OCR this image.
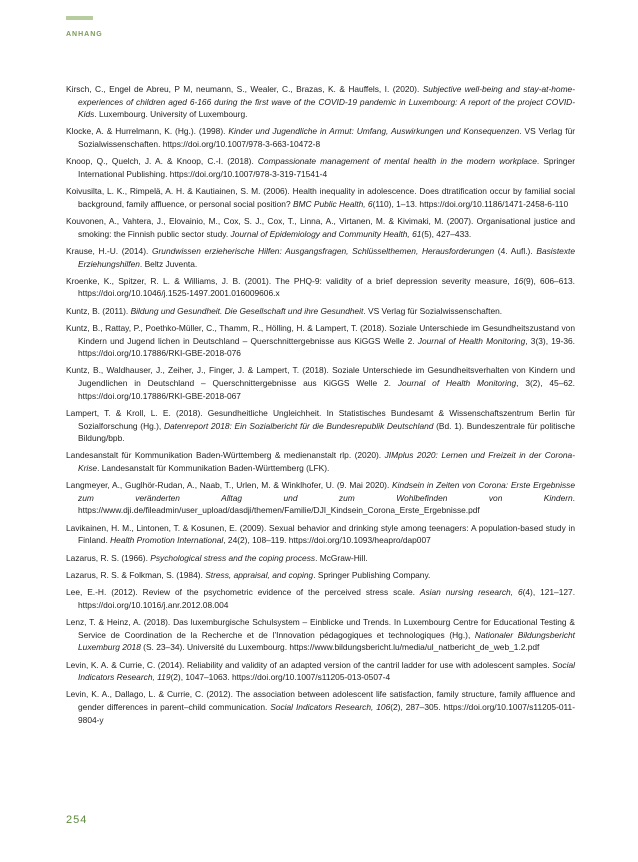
ANHANG

Kirsch, C., Engel de Abreu, P M, neumann, S., Wealer, C., Brazas, K. & Hauffels, I. (2020). Subjective well-being and stay-at-home-experiences of children aged 6-166 during the first wave of the COVID-19 pandemic in Luxembourg: A report of the project COVID-Kids. Luxembourg. University of Luxembourg.

Klocke, A. & Hurrelmann, K. (Hg.). (1998). Kinder und Jugendliche in Armut: Umfang, Auswirkungen und Konsequenzen. VS Verlag für Sozialwissenschaften. https://doi.org/10.1007/978-3-663-10472-8

Knoop, Q., Quelch, J. A. & Knoop, C.-I. (2018). Compassionate management of mental health in the modern workplace. Springer International Publishing. https://doi.org/10.1007/978-3-319-71541-4

Koivusilta, L. K., Rimpelä, A. H. & Kautiainen, S. M. (2006). Health inequality in adolescence. Does dtratification occur by familial social background, family affluence, or personal social position? BMC Public Health, 6(110), 1–13. https://doi.org/10.1186/1471-2458-6-110

Kouvonen, A., Vahtera, J., Elovainio, M., Cox, S. J., Cox, T., Linna, A., Virtanen, M. & Kivimaki, M. (2007). Organisational justice and smoking: the Finnish public sector study. Journal of Epidemiology and Community Health, 61(5), 427–433.

Krause, H.-U. (2014). Grundwissen erzieherische Hilfen: Ausgangsfragen, Schlüsselthemen, Herausforderungen (4. Aufl.). Basistexte Erziehungshilfen. Beltz Juventa.

Kroenke, K., Spitzer, R. L. & Williams, J. B. (2001). The PHQ-9: validity of a brief depression severity measure, 16(9), 606–613. https://doi.org/10.1046/j.1525-1497.2001.016009606.x

Kuntz, B. (2011). Bildung und Gesundheit. Die Gesellschaft und ihre Gesundheit. VS Verlag für Sozialwissenschaften.

Kuntz, B., Rattay, P., Poethko-Müller, C., Thamm, R., Hölling, H. & Lampert, T. (2018). Soziale Unterschiede im Gesundheitszustand von Kindern und Jugend lichen in Deutschland – Querschnittergebnisse aus KiGGS Welle 2. Journal of Health Monitoring, 3(3), 19-36. https://doi.org/10.17886/RKI-GBE-2018-076

Kuntz, B., Waldhauser, J., Zeiher, J., Finger, J. & Lampert, T. (2018). Soziale Unterschiede im Gesundheitsverhalten von Kindern und Jugendlichen in Deutschland – Querschnittergebnisse aus KiGGS Welle 2. Journal of Health Monitoring, 3(2), 45–62. https://doi.org/10.17886/RKI-GBE-2018-067

Lampert, T. & Kroll, L. E. (2018). Gesundheitliche Ungleichheit. In Statistisches Bundesamt & Wissenschaftszentrum Berlin für Sozialforschung (Hg.), Datenreport 2018: Ein Sozialbericht für die Bundesrepublik Deutschland (Bd. 1). Bundeszentrale für politische Bildung/bpb.

Landesanstalt für Kommunikation Baden-Württemberg & medienanstalt rlp. (2020). JIMplus 2020: Lernen und Freizeit in der Corona-Krise. Landesanstalt für Kommunikation Baden-Württemberg (LFK).

Langmeyer, A., Guglhör-Rudan, A., Naab, T., Urlen, M. & Winklhofer, U. (9. Mai 2020). Kindsein in Zeiten von Corona: Erste Ergebnisse zum veränderten Alltag und zum Wohlbefinden von Kindern. https://www.dji.de/fileadmin/user_upload/dasdji/themen/Familie/DJI_Kindsein_Corona_Erste_Ergebnisse.pdf

Lavikainen, H. M., Lintonen, T. & Kosunen, E. (2009). Sexual behavior and drinking style among teenagers: A population-based study in Finland. Health Promotion International, 24(2), 108–119. https://doi.org/10.1093/heapro/dap007

Lazarus, R. S. (1966). Psychological stress and the coping process. McGraw-Hill.

Lazarus, R. S. & Folkman, S. (1984). Stress, appraisal, and coping. Springer Publishing Company.

Lee, E.-H. (2012). Review of the psychometric evidence of the perceived stress scale. Asian nursing research, 6(4), 121–127. https://doi.org/10.1016/j.anr.2012.08.004

Lenz, T. & Heinz, A. (2018). Das luxemburgische Schulsystem – Einblicke und Trends. In Luxembourg Centre for Educational Testing & Service de Coordination de la Recherche et de l’Innovation pédagogiques et technologiques (Hg.), Nationaler Bildungsbericht Luxemburg 2018 (S. 23–34). Université du Luxembourg. https://www.bildungsbericht.lu/media/ul_natbericht_de_web_1.2.pdf

Levin, K. A. & Currie, C. (2014). Reliability and validity of an adapted version of the cantril ladder for use with adolescent samples. Social Indicators Research, 119(2), 1047–1063. https://doi.org/10.1007/s11205-013-0507-4

Levin, K. A., Dallago, L. & Currie, C. (2012). The association between adolescent life satisfaction, family structure, family affluence and gender differences in parent–child communication. Social Indicators Research, 106(2), 287–305. https://doi.org/10.1007/s11205-011-9804-y

254
